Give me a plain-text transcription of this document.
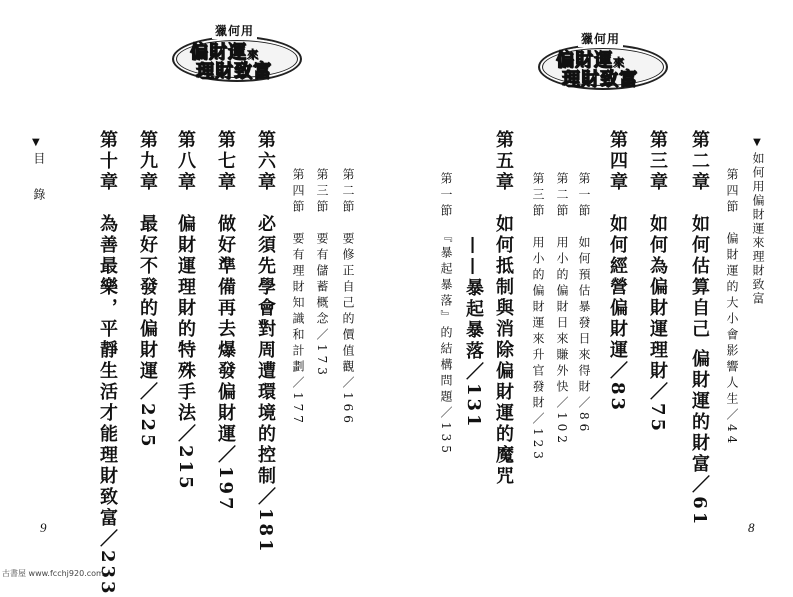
獵何用
偏財運來
理財致富
▼目　錄	第二節　要修正自己的價值觀／166
第三節　要有儲蓄概念／173
第四節　要有理財知識和計劃／177
第六章　必須先學會對周遭環境的控制／181
第七章　做好準備再去爆發偏財運／197
第八章　偏財運理財的特殊手法／215
第九章　最好不發的偏財運／225
第十章　為善最樂，平靜生活才能理財致富／233
9
獵何用
偏財運來
理財致富
▼如何用偏財運來理財致富
第四節　偏財運的大小會影響人生／44
第二章　如何估算自己 偏財運的財富／61
第三章　如何為偏財運理財／75
第四章　如何經營偏財運／83
第一節　如何預估暴發日來得財／86
第二節　用小的偏財日來賺外快／102
第三節　用小的偏財運來升官發財／123
第五章　如何抵制與消除偏財運的魔咒
——暴起暴落／131
第一節　『暴起暴落』的結構問題／135
8
古書屋 www.fcchj920.com
